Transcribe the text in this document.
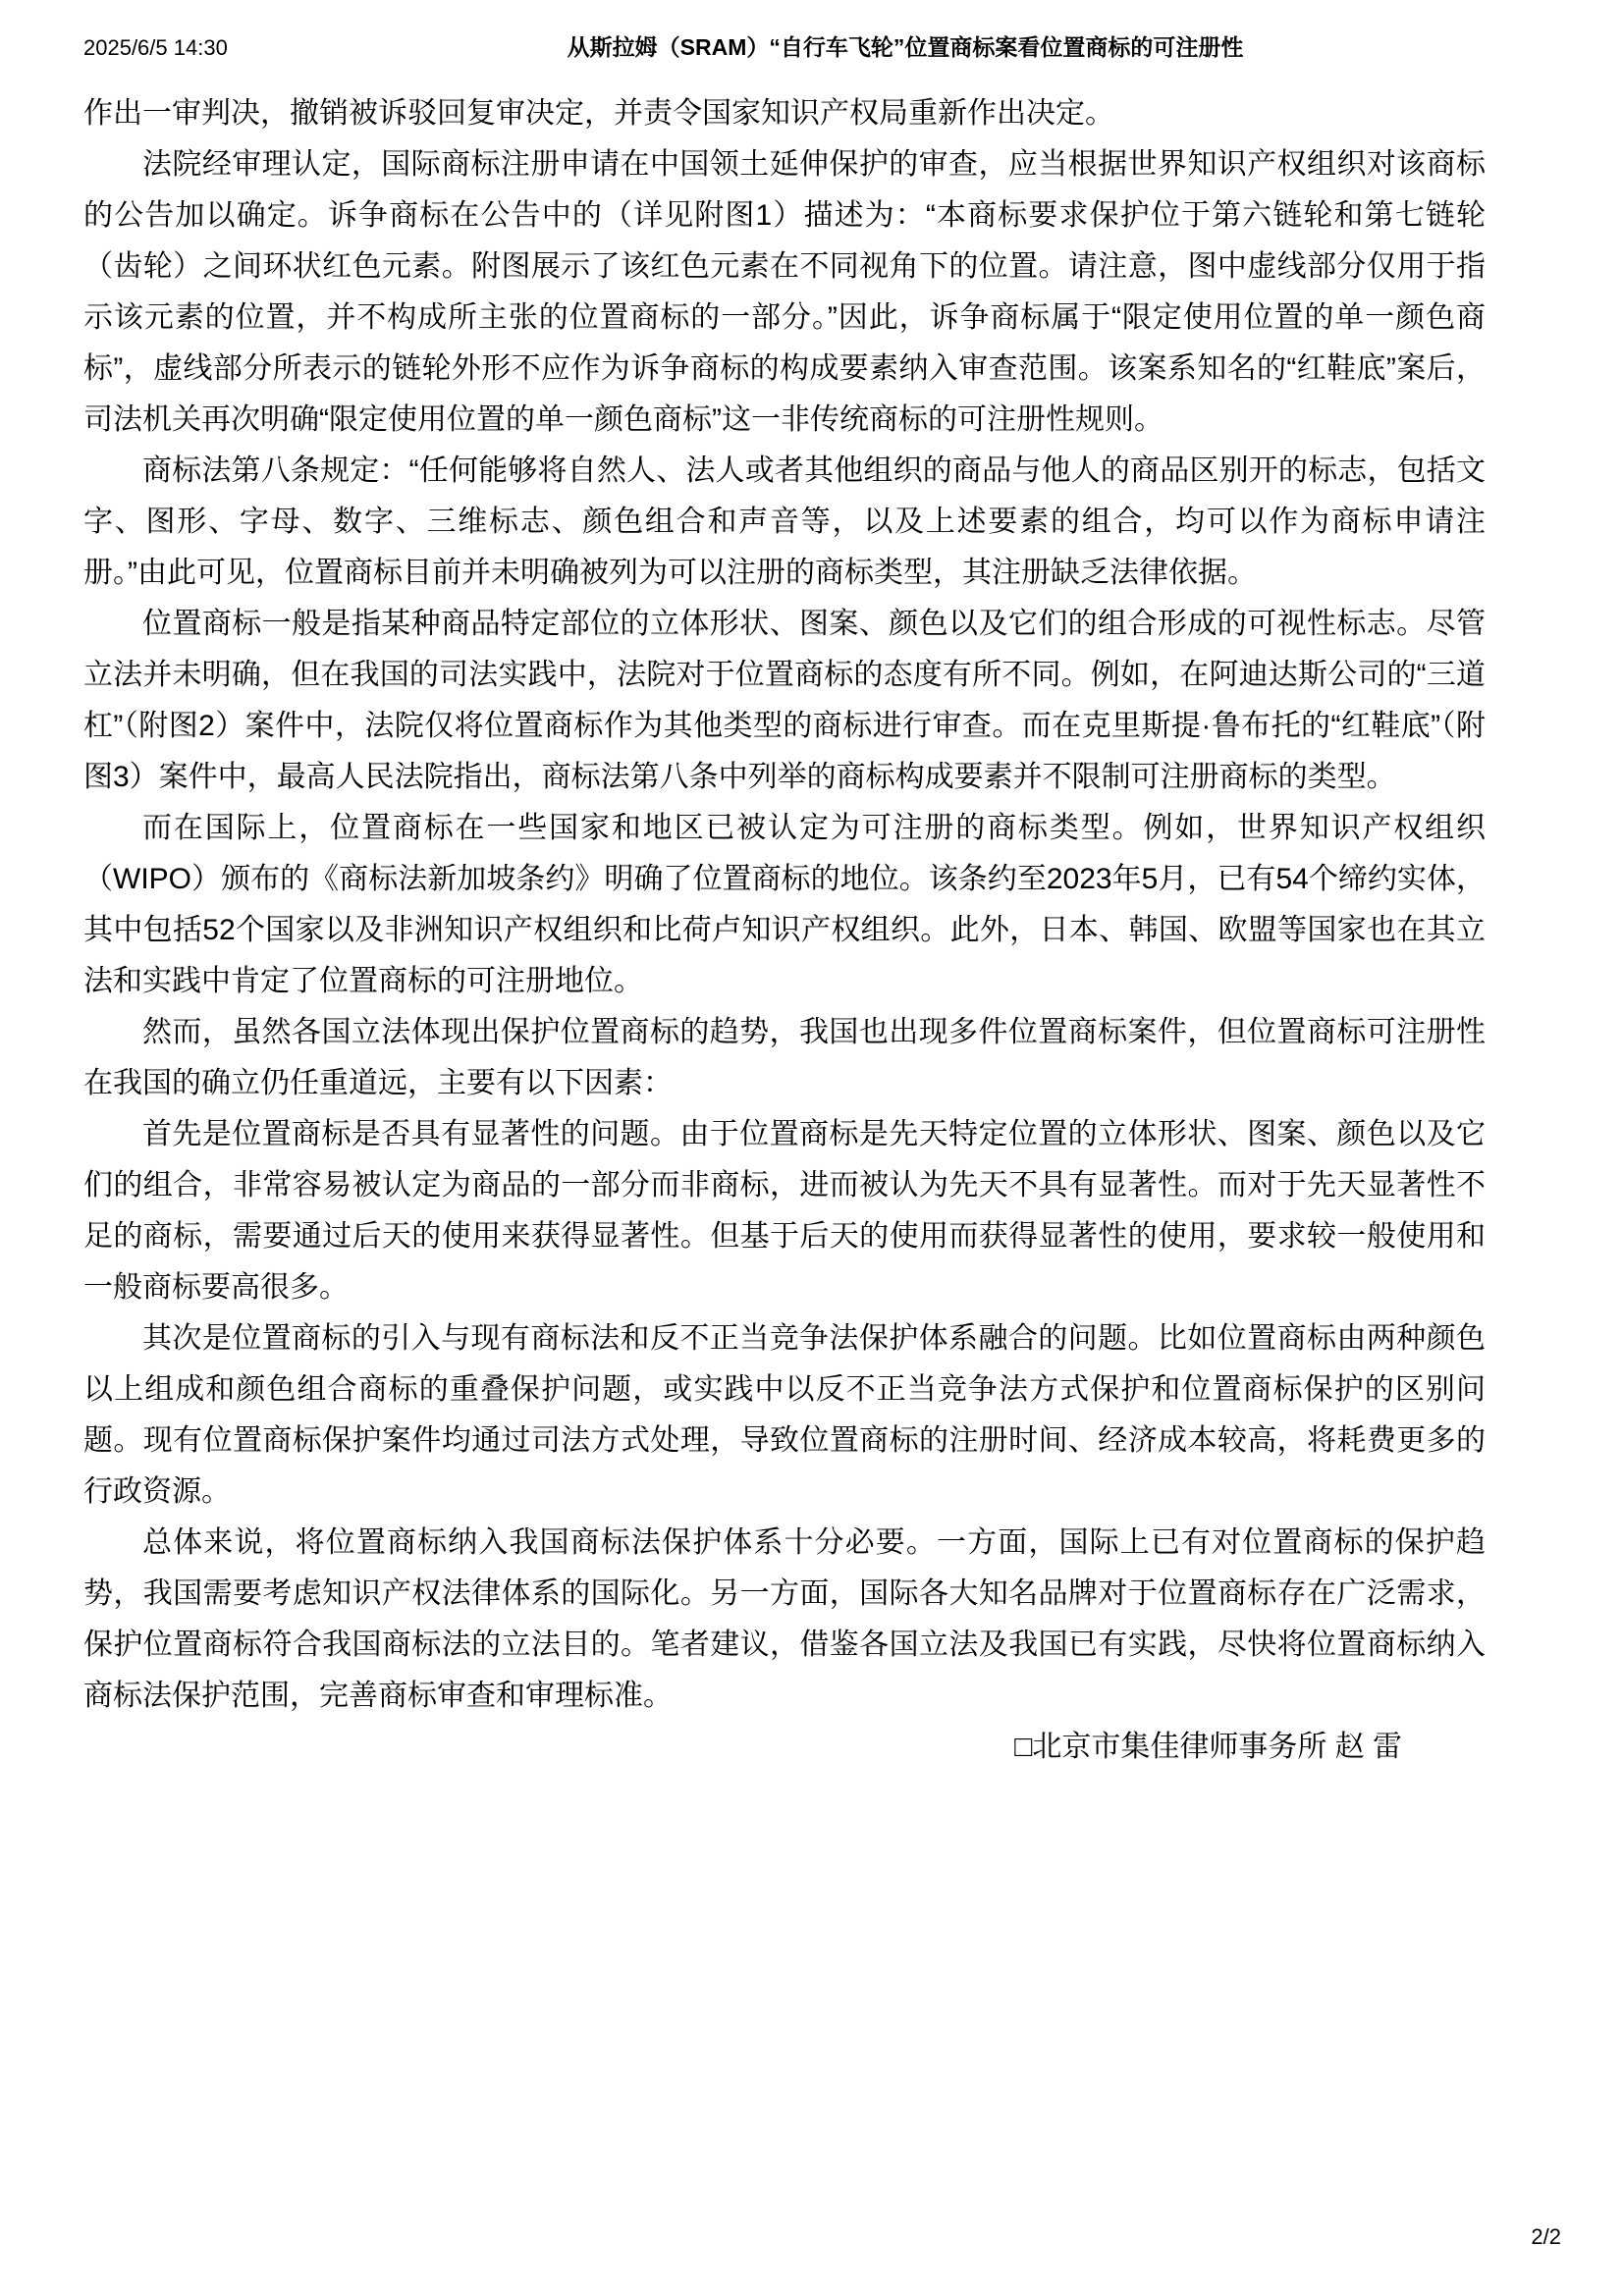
2025/6/5 14:30	从斯拉姆（SRAM）“自行车飞轮”位置商标案看位置商标的可注册性

作出一审判决，撤销被诉驳回复审决定，并责令国家知识产权局重新作出决定。

法院经审理认定，国际商标注册申请在中国领土延伸保护的审查，应当根据世界知识产权组织对该商标的公告加以确定。诉争商标在公告中的（详见附图1）描述为：“本商标要求保护位于第六链轮和第七链轮（齿轮）之间环状红色元素。附图展示了该红色元素在不同视角下的位置。请注意，图中虚线部分仅用于指示该元素的位置，并不构成所主张的位置商标的一部分。”因此，诉争商标属于“限定使用位置的单一颜色商标”，虚线部分所表示的链轮外形不应作为诉争商标的构成要素纳入审查范围。该案系知名的“红鞋底”案后，司法机关再次明确“限定使用位置的单一颜色商标”这一非传统商标的可注册性规则。

商标法第八条规定：“任何能够将自然人、法人或者其他组织的商品与他人的商品区别开的标志，包括文字、图形、字母、数字、三维标志、颜色组合和声音等，以及上述要素的组合，均可以作为商标申请注册。”由此可见，位置商标目前并未明确被列为可以注册的商标类型，其注册缺乏法律依据。

位置商标一般是指某种商品特定部位的立体形状、图案、颜色以及它们的组合形成的可视性标志。尽管立法并未明确，但在我国的司法实践中，法院对于位置商标的态度有所不同。例如，在阿迪达斯公司的“三道杠”（附图2）案件中，法院仅将位置商标作为其他类型的商标进行审查。而在克里斯提·鲁布托的“红鞋底”（附图3）案件中，最高人民法院指出，商标法第八条中列举的商标构成要素并不限制可注册商标的类型。

而在国际上，位置商标在一些国家和地区已被认定为可注册的商标类型。例如，世界知识产权组织（WIPO）颁布的《商标法新加坡条约》明确了位置商标的地位。该条约至2023年5月，已有54个缔约实体，其中包括52个国家以及非洲知识产权组织和比荷卢知识产权组织。此外，日本、韩国、欧盟等国家也在其立法和实践中肯定了位置商标的可注册地位。

然而，虽然各国立法体现出保护位置商标的趋势，我国也出现多件位置商标案件，但位置商标可注册性在我国的确立仍任重道远，主要有以下因素：

首先是位置商标是否具有显著性的问题。由于位置商标是先天特定位置的立体形状、图案、颜色以及它们的组合，非常容易被认定为商品的一部分而非商标，进而被认为先天不具有显著性。而对于先天显著性不足的商标，需要通过后天的使用来获得显著性。但基于后天的使用而获得显著性的使用，要求较一般使用和一般商标要高很多。

其次是位置商标的引入与现有商标法和反不正当竞争法保护体系融合的问题。比如位置商标由两种颜色以上组成和颜色组合商标的重叠保护问题，或实践中以反不正当竞争法方式保护和位置商标保护的区别问题。现有位置商标保护案件均通过司法方式处理，导致位置商标的注册时间、经济成本较高，将耗费更多的行政资源。

总体来说，将位置商标纳入我国商标法保护体系十分必要。一方面，国际上已有对位置商标的保护趋势，我国需要考虑知识产权法律体系的国际化。另一方面，国际各大知名品牌对于位置商标存在广泛需求，保护位置商标符合我国商标法的立法目的。笔者建议，借鉴各国立法及我国已有实践，尽快将位置商标纳入商标法保护范围，完善商标审查和审理标准。

□北京市集佳律师事务所 赵 雷

2/2
